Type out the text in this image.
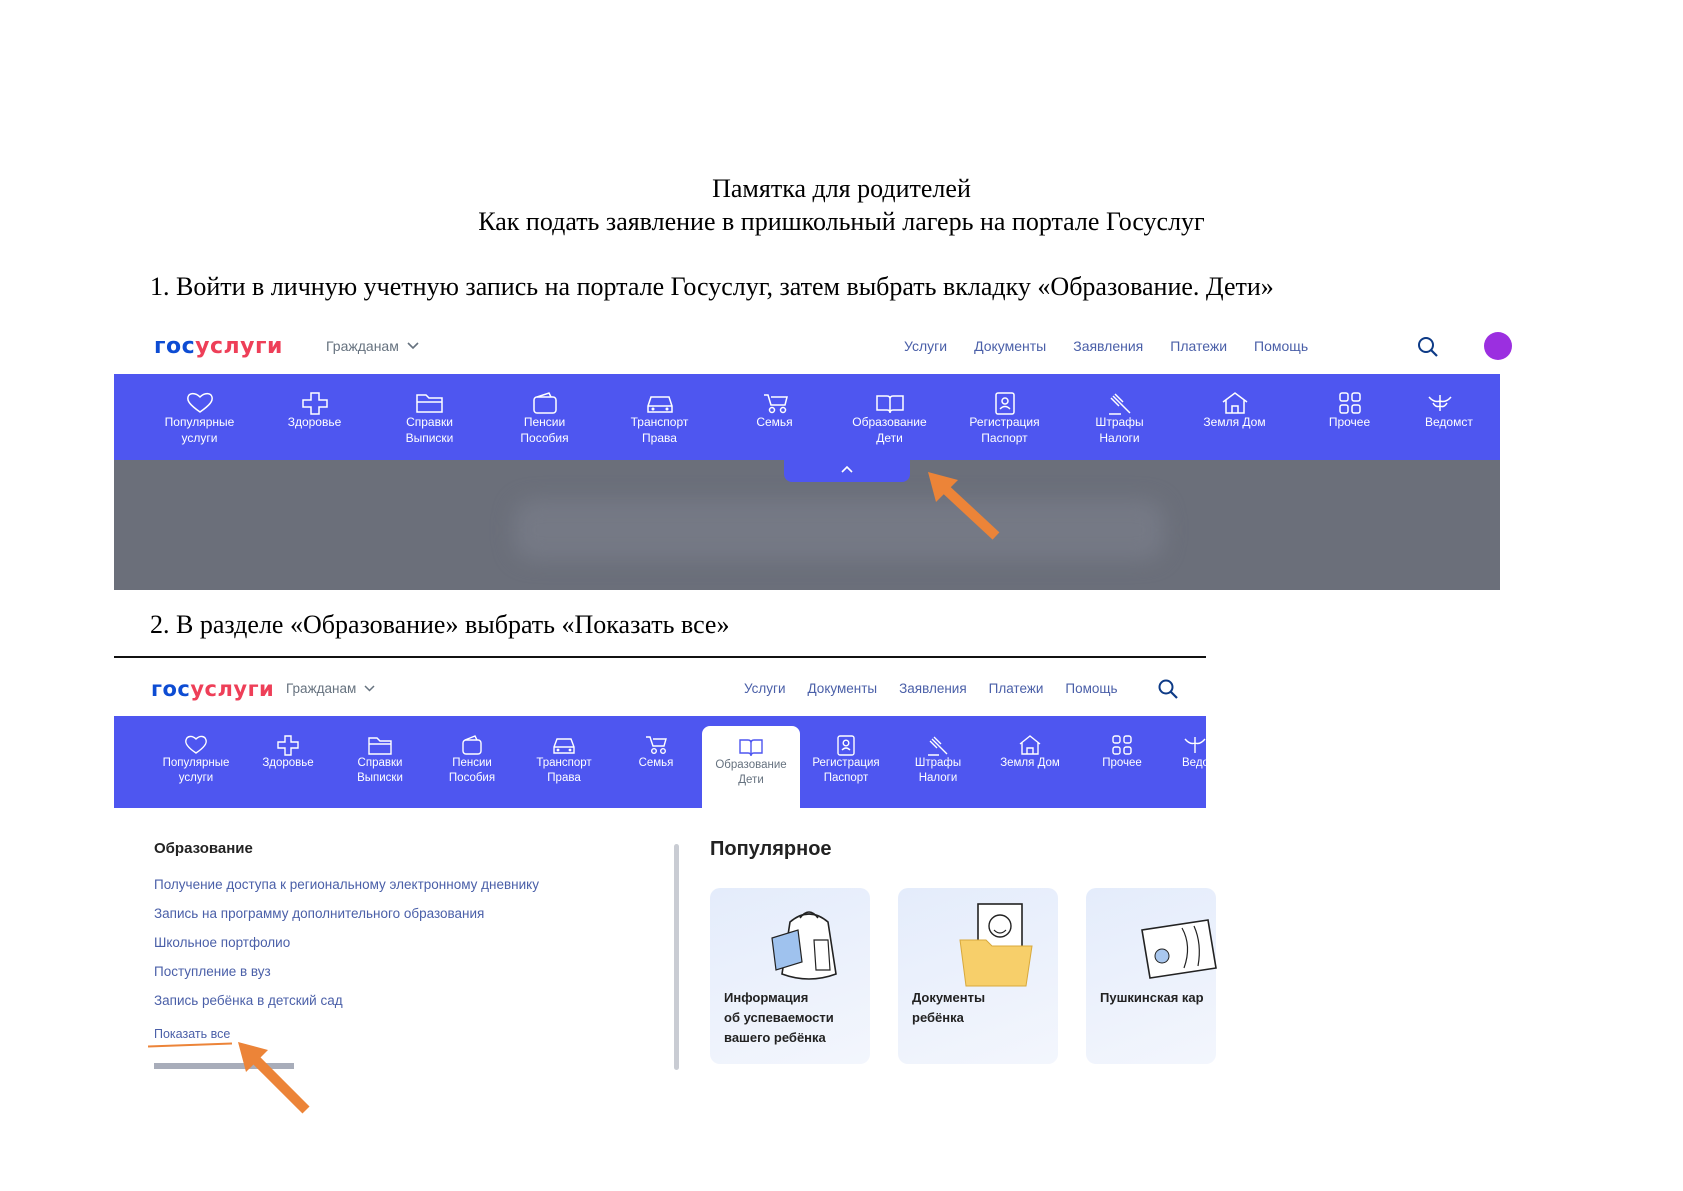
Памятка для родителей
Как подать заявление в пришкольный лагерь на портале Госуслуг
1. Войти в личную учетную запись на портале Госуслуг, затем выбрать вкладку «Образование. Дети»
госуслуги	Гражданам	Услуги Документы Заявления Платежи Помощь
Популярные
услуги
Здоровье	Справки
Выписки
Пенсии
Пособия
Транспорт
Права
Семья	Образование
Дети
Регистрация
Паспорт
Штрафы
Налоги
Земля Дом	Прочее	Ведомст
2. В разделе «Образование» выбрать «Показать все»
госуслуги Гражданам	Услуги Документы Заявления Платежи Помощь
Популярные
услуги
Здоровье	Справки
Выписки
Пенсии
Пособия
Транспорт
Права
Семья	Образование
Дети
Регистрация
Паспорт
Штрафы
Налоги
Земля Дом	Прочее	Ведом
Образование
Получение доступа к региональному электронному дневнику
Запись на программу дополнительного образования
Школьное портфолио
Поступление в вуз
Запись ребёнка в детский сад
Показать все
Популярное
Информация
об успеваемости
вашего ребёнка
Документы
ребёнка
Пушкинская кар
